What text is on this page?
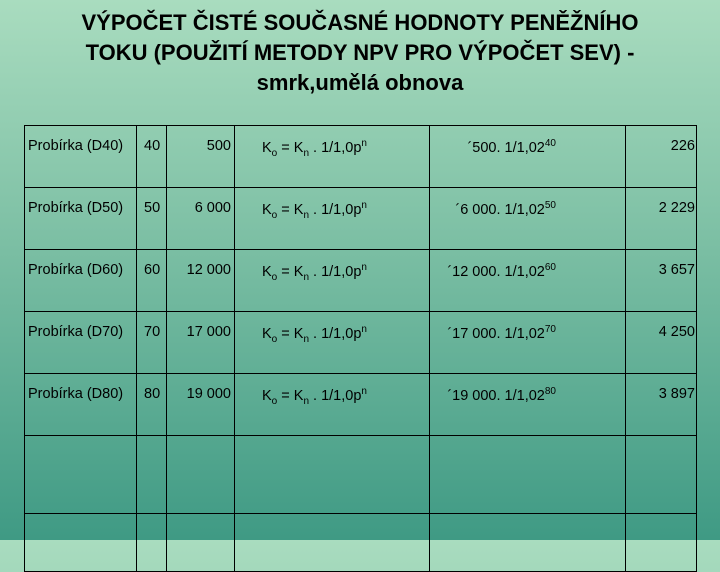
VÝPOČET ČISTÉ SOUČASNÉ HODNOTY PENĚŽNÍHO
TOKU (POUŽITÍ METODY NPV PRO VÝPOČET SEV) -
smrk,umělá obnova
Probírka (D40)	40	500	$K_o = K_n$ . $1/1,0p^n$	´500. 1/1,02$^{40}$	226
Probírka (D50)	50	6 000	$K_o = K_n$ . $1/1,0p^n$	´6 000. 1/1,02$^{50}$	2 229
Probírka (D60)	60	12 000	$K_o = K_n$ . $1/1,0p^n$	´12 000. 1/1,02$^{60}$	3 657
Probírka (D70)	70	17 000	$K_o = K_n$ . $1/1,0p^n$	´17 000. 1/1,02$^{70}$	4 250
Probírka (D80)	80	19 000	$K_o = K_n$ . $1/1,0p^n$	´19 000. 1/1,02$^{80}$	3 897
